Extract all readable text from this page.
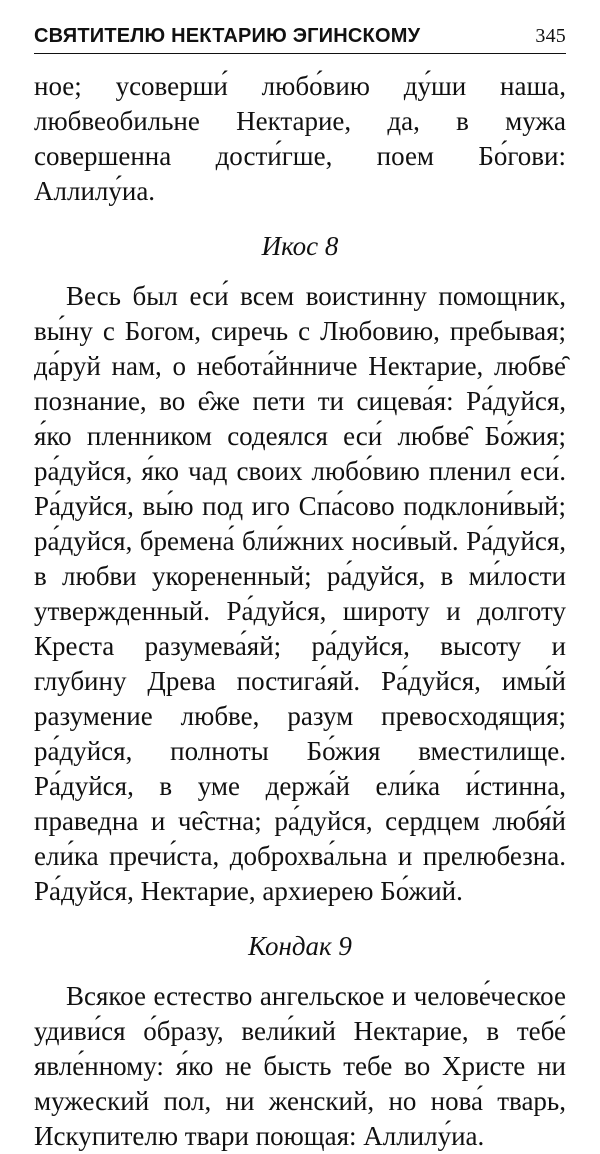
СВЯТИТЕЛЮ НЕКТАРИЮ ЭГИНСКОМУ	345

ное; усоверши́ любо́вию ду́ши наша, любвеобильне Нектарие, да, в мужа совершенна дости́гше, поем Бо́гови: Аллилу́иа.

Икос 8

Весь был еси́ всем воистинну помощник, вы́ну с Богом, сиречь с Любовию, пребывая; да́руй нам, о небота́йнниче Нектарие, любве̑ познание, во е̑же пети ти сицева́я: Ра́дуйся, я́ко пленником содеялся еси́ любве̑ Бо́жия; ра́дуйся, я́ко чад своих любо́вию пленил еси́. Ра́дуйся, вы́ю под иго Спа́сово подклони́вый; ра́дуйся, бремена́ бли́жних носи́вый. Ра́дуйся, в любви укорененный; ра́дуйся, в ми́лости утвержденный. Ра́дуйся, широту и долготу Креста разумева́яй; ра́дуйся, высоту и глубину Древа постига́яй. Ра́дуйся, имы́й разумение любве, разум превосходящия; ра́дуйся, полноты Бо́жия вместилище. Ра́дуйся, в уме держа́й ели́ка и́стинна, праведна и че̑стна; ра́дуйся, сердцем любя́й ели́ка пречи́ста, доброхва́льна и прелюбезна. Ра́дуйся, Нектарие, архиерею Бо́жий.

Кондак 9

Всякое естество ангельское и челове́ческое удиви́ся о́бразу, вели́кий Нектарие, в тебе́ явле́нному: я́ко не бысть тебе во Христе ни мужеский пол, ни женский, но нова́ тварь, Искупителю твари поющая: Аллилу́иа.
